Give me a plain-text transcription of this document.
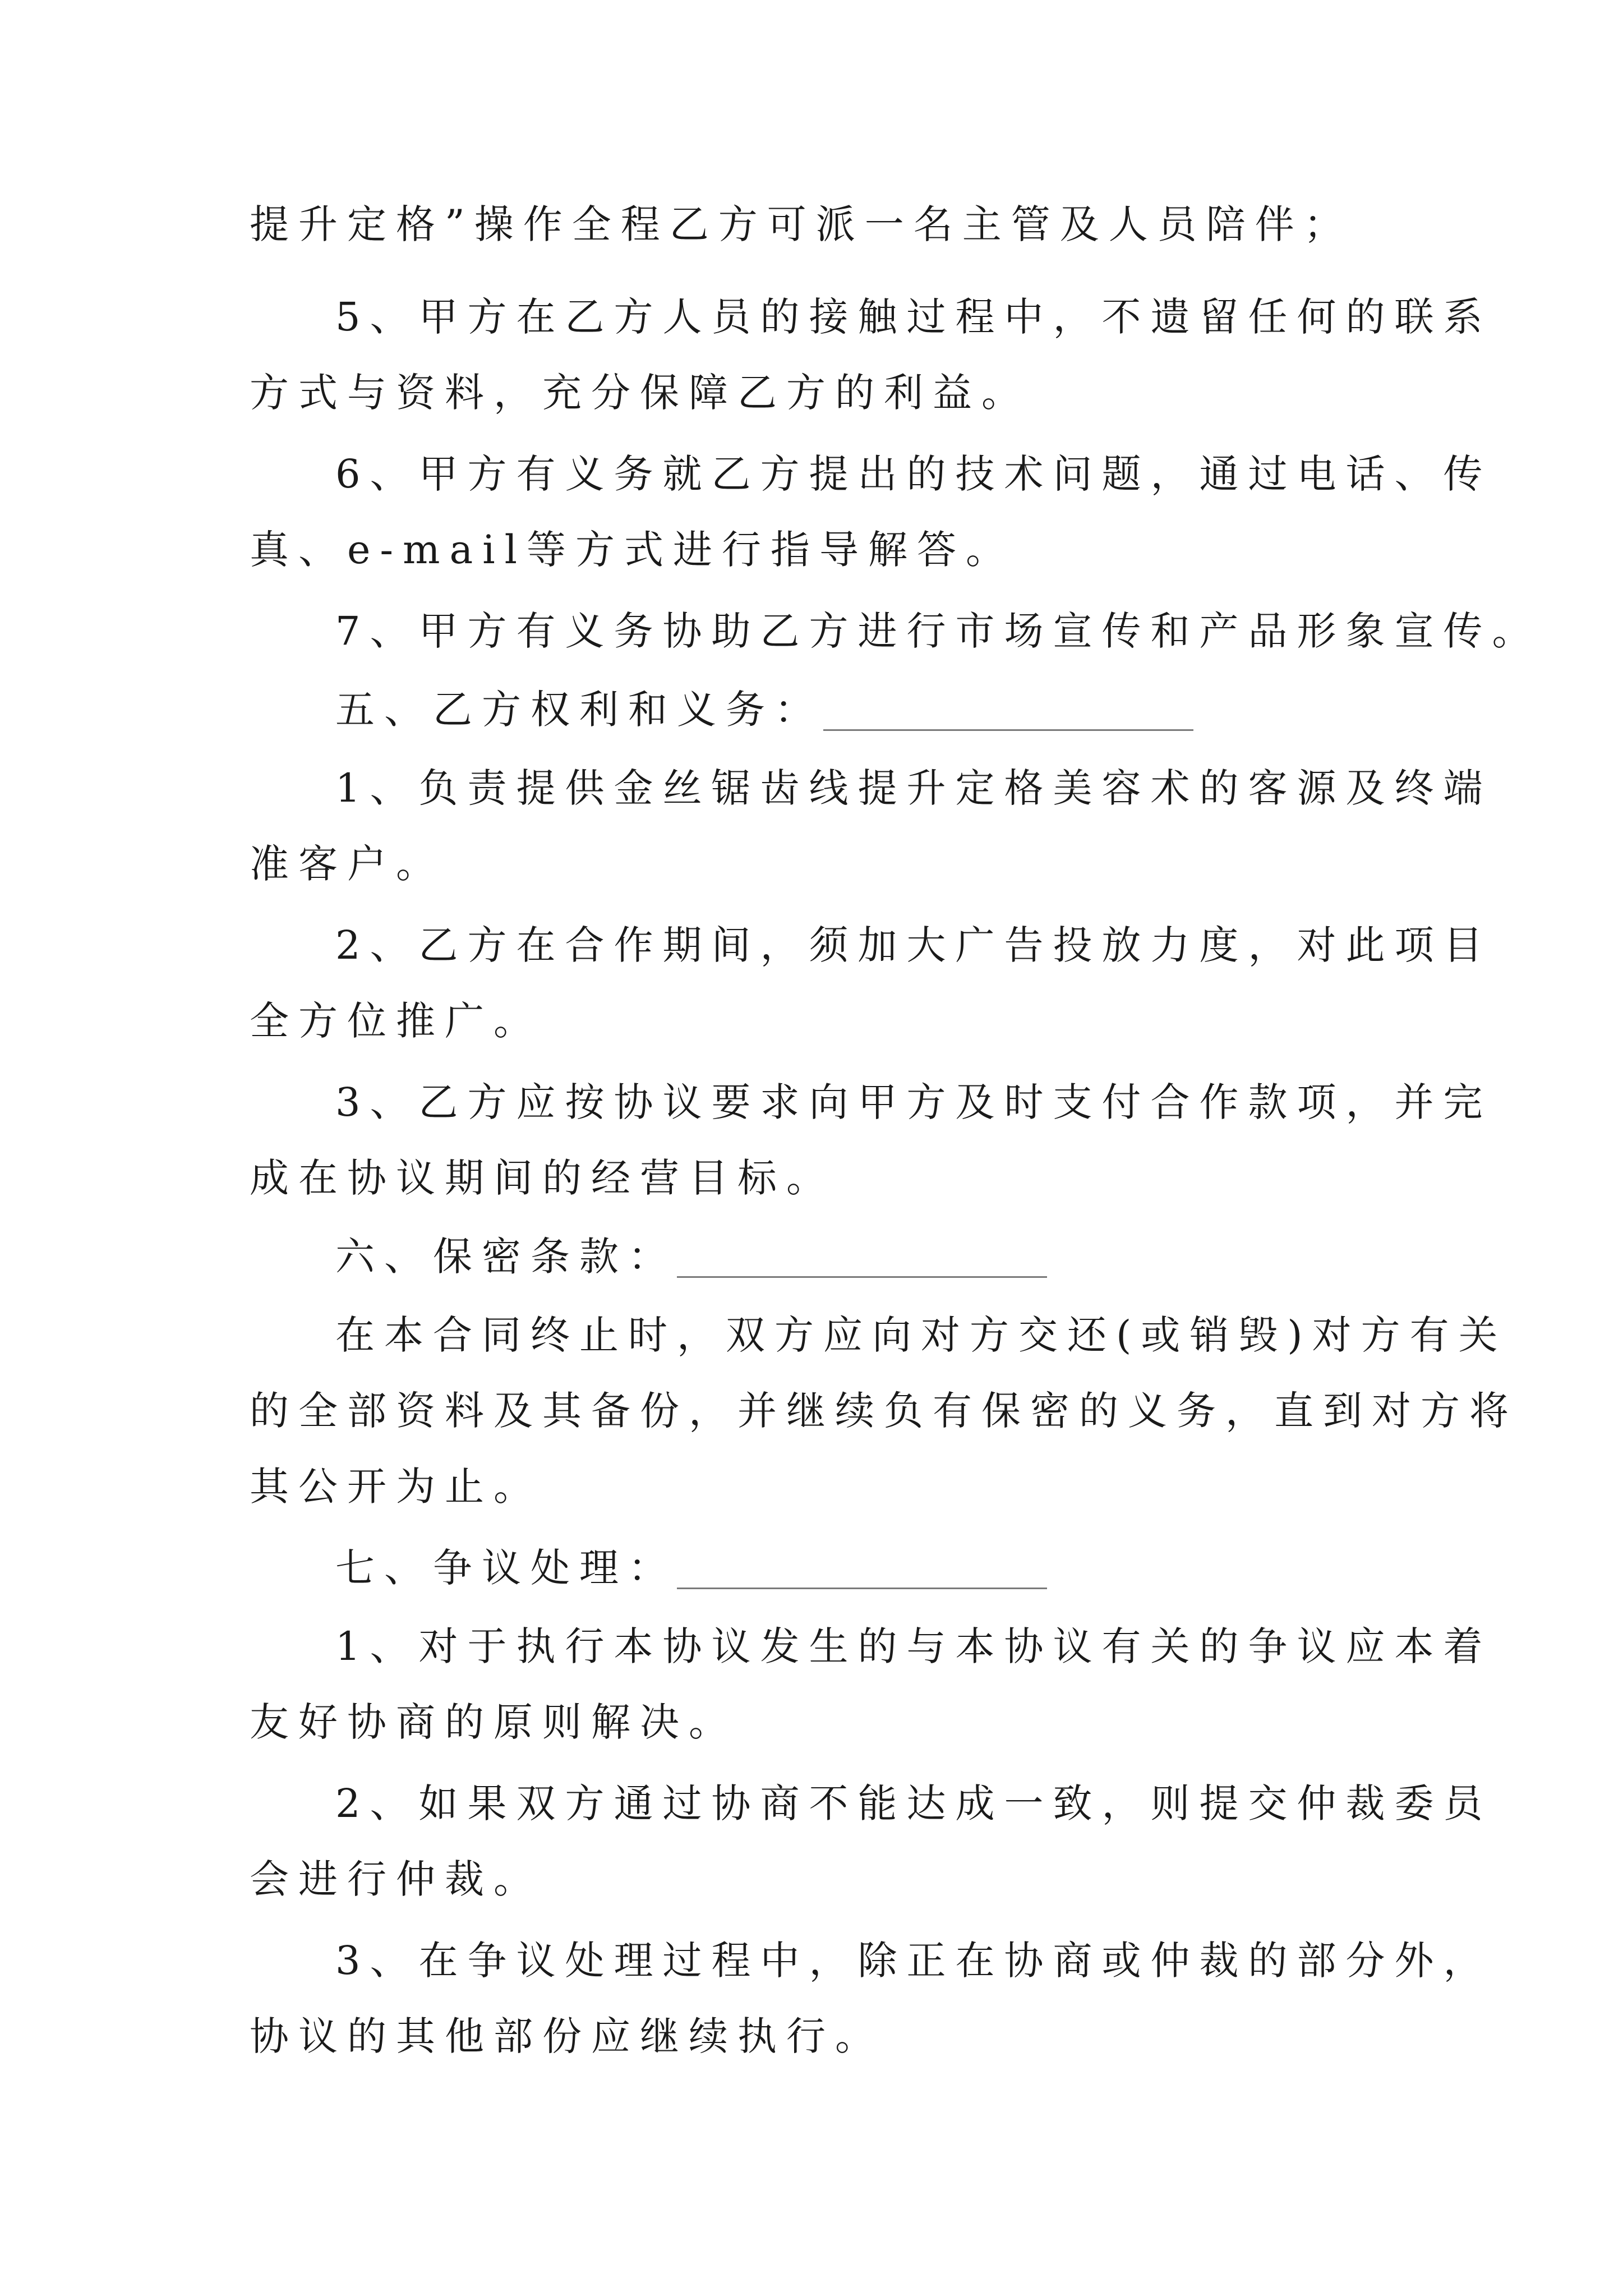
提升定格”操作全程乙方可派一名主管及人员陪伴；
5、甲方在乙方人员的接触过程中，不遗留任何的联系
方式与资料，充分保障乙方的利益。
6、甲方有义务就乙方提出的技术问题，通过电话、传
真、e-mail等方式进行指导解答。
7、甲方有义务协助乙方进行市场宣传和产品形象宣传。
五、乙方权利和义务：
1、负责提供金丝锯齿线提升定格美容术的客源及终端
准客户。
2、乙方在合作期间，须加大广告投放力度，对此项目
全方位推广。
3、乙方应按协议要求向甲方及时支付合作款项，并完
成在协议期间的经营目标。
六、保密条款：
在本合同终止时，双方应向对方交还(或销毁)对方有关
的全部资料及其备份，并继续负有保密的义务，直到对方将
其公开为止。
七、争议处理：
1、对于执行本协议发生的与本协议有关的争议应本着
友好协商的原则解决。
2、如果双方通过协商不能达成一致，则提交仲裁委员
会进行仲裁。
3、在争议处理过程中，除正在协商或仲裁的部分外，
协议的其他部份应继续执行。
